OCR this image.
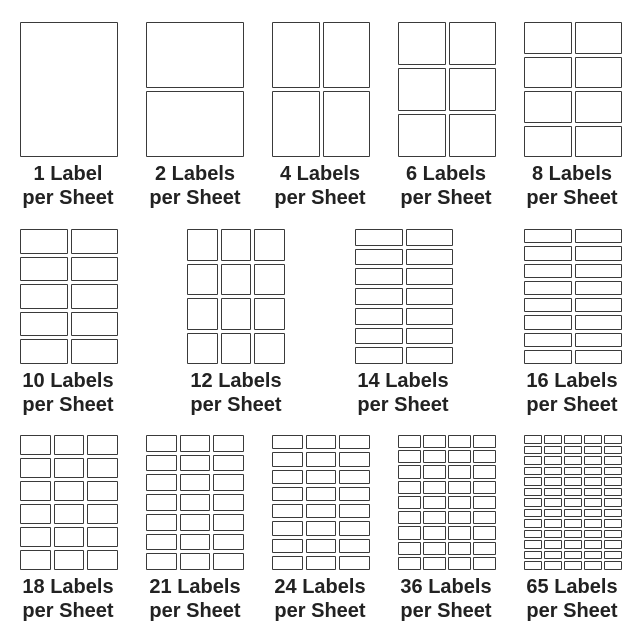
1 Label
per Sheet
2 Labels
per Sheet
4 Labels
per Sheet
6 Labels
per Sheet
8 Labels
per Sheet
10 Labels
per Sheet
12 Labels
per Sheet
14 Labels
per Sheet
16 Labels
per Sheet
18 Labels
per Sheet
21 Labels
per Sheet
24 Labels
per Sheet
36 Labels
per Sheet
65 Labels
per Sheet
